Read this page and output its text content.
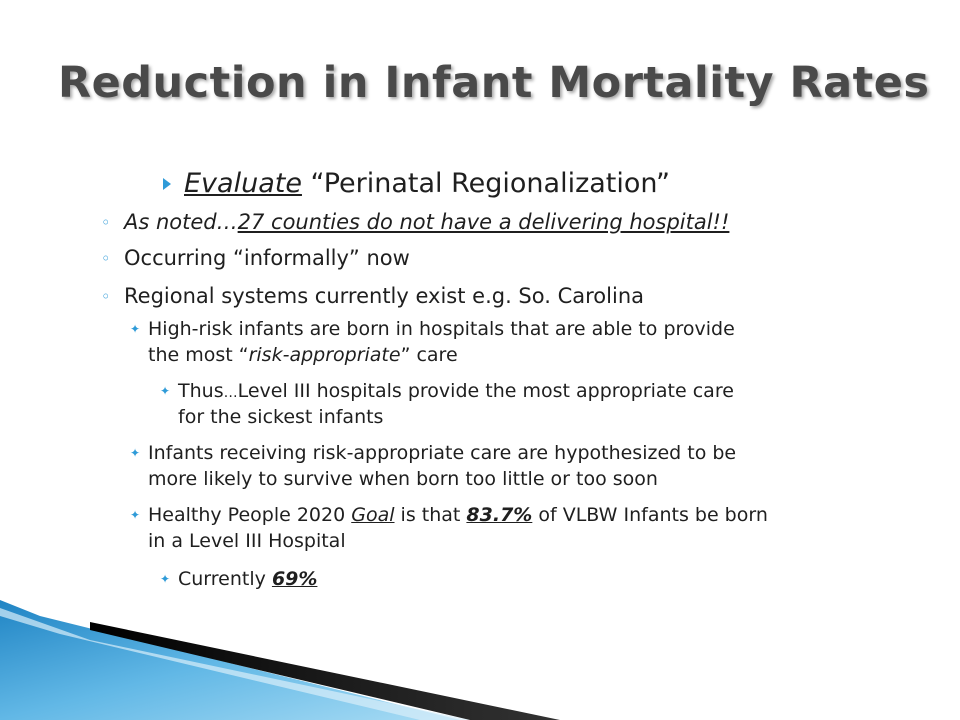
Reduction in Infant Mortality Rates
Evaluate “Perinatal Regionalization”
◦ As noted…27 counties do not have a delivering hospital!!
◦ Occurring “informally” now
◦ Regional systems currently exist e.g. So. Carolina
✦ High-risk infants are born in hospitals that are able to provide
the most “risk-appropriate” care
✦ Thus…Level III hospitals provide the most appropriate care
for the sickest infants
✦ Infants receiving risk-appropriate care are hypothesized to be
more likely to survive when born too little or too soon
✦ Healthy People 2020 Goal is that 83.7% of VLBW Infants be born
in a Level III Hospital
✦ Currently 69%
